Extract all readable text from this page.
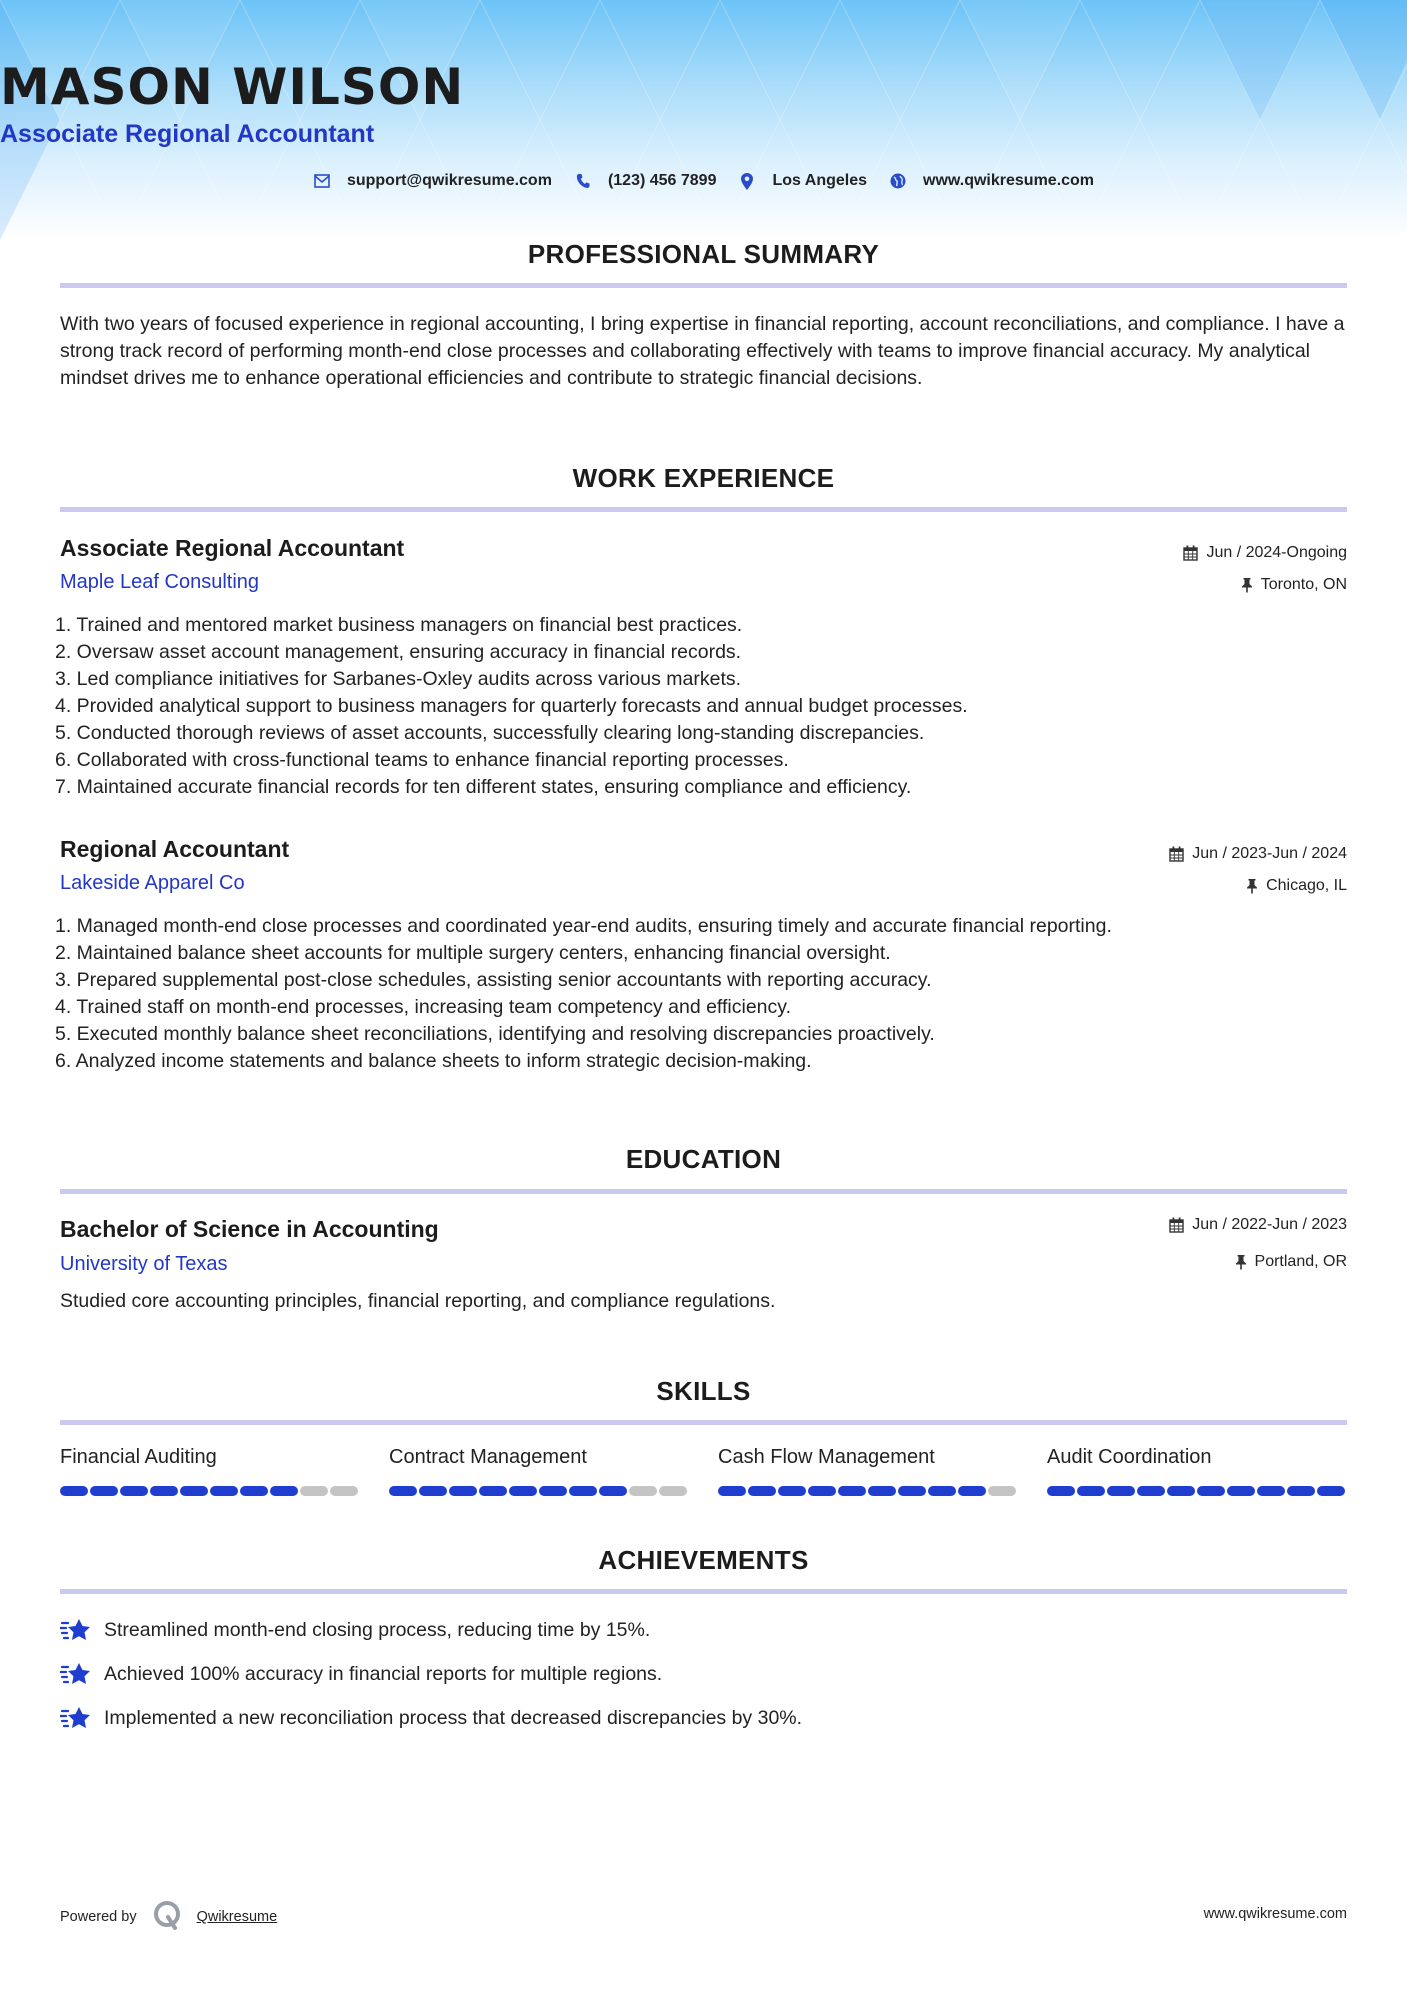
MASON WILSON
Associate Regional Accountant
support@qwikresume.com	(123) 456 7899	Los Angeles	www.qwikresume.com
PROFESSIONAL SUMMARY
With two years of focused experience in regional accounting, I bring expertise in financial reporting, account reconciliations, and compliance. I have a strong track record of performing month-end close processes and collaborating effectively with teams to improve financial accuracy. My analytical mindset drives me to enhance operational efficiencies and contribute to strategic financial decisions.
WORK EXPERIENCE
Associate Regional Accountant	Jun / 2024-Ongoing
Maple Leaf Consulting	Toronto, ON
1. Trained and mentored market business managers on financial best practices.
2. Oversaw asset account management, ensuring accuracy in financial records.
3. Led compliance initiatives for Sarbanes-Oxley audits across various markets.
4. Provided analytical support to business managers for quarterly forecasts and annual budget processes.
5. Conducted thorough reviews of asset accounts, successfully clearing long-standing discrepancies.
6. Collaborated with cross-functional teams to enhance financial reporting processes.
7. Maintained accurate financial records for ten different states, ensuring compliance and efficiency.
Regional Accountant	Jun / 2023-Jun / 2024
Lakeside Apparel Co	Chicago, IL
1. Managed month-end close processes and coordinated year-end audits, ensuring timely and accurate financial reporting.
2. Maintained balance sheet accounts for multiple surgery centers, enhancing financial oversight.
3. Prepared supplemental post-close schedules, assisting senior accountants with reporting accuracy.
4. Trained staff on month-end processes, increasing team competency and efficiency.
5. Executed monthly balance sheet reconciliations, identifying and resolving discrepancies proactively.
6. Analyzed income statements and balance sheets to inform strategic decision-making.
EDUCATION
Bachelor of Science in Accounting	Jun / 2022-Jun / 2023
University of Texas	Portland, OR
Studied core accounting principles, financial reporting, and compliance regulations.
SKILLS
Financial Auditing	Contract Management	Cash Flow Management	Audit Coordination
ACHIEVEMENTS
Streamlined month-end closing process, reducing time by 15%.
Achieved 100% accuracy in financial reports for multiple regions.
Implemented a new reconciliation process that decreased discrepancies by 30%.
Powered by	Qwikresume	www.qwikresume.com
